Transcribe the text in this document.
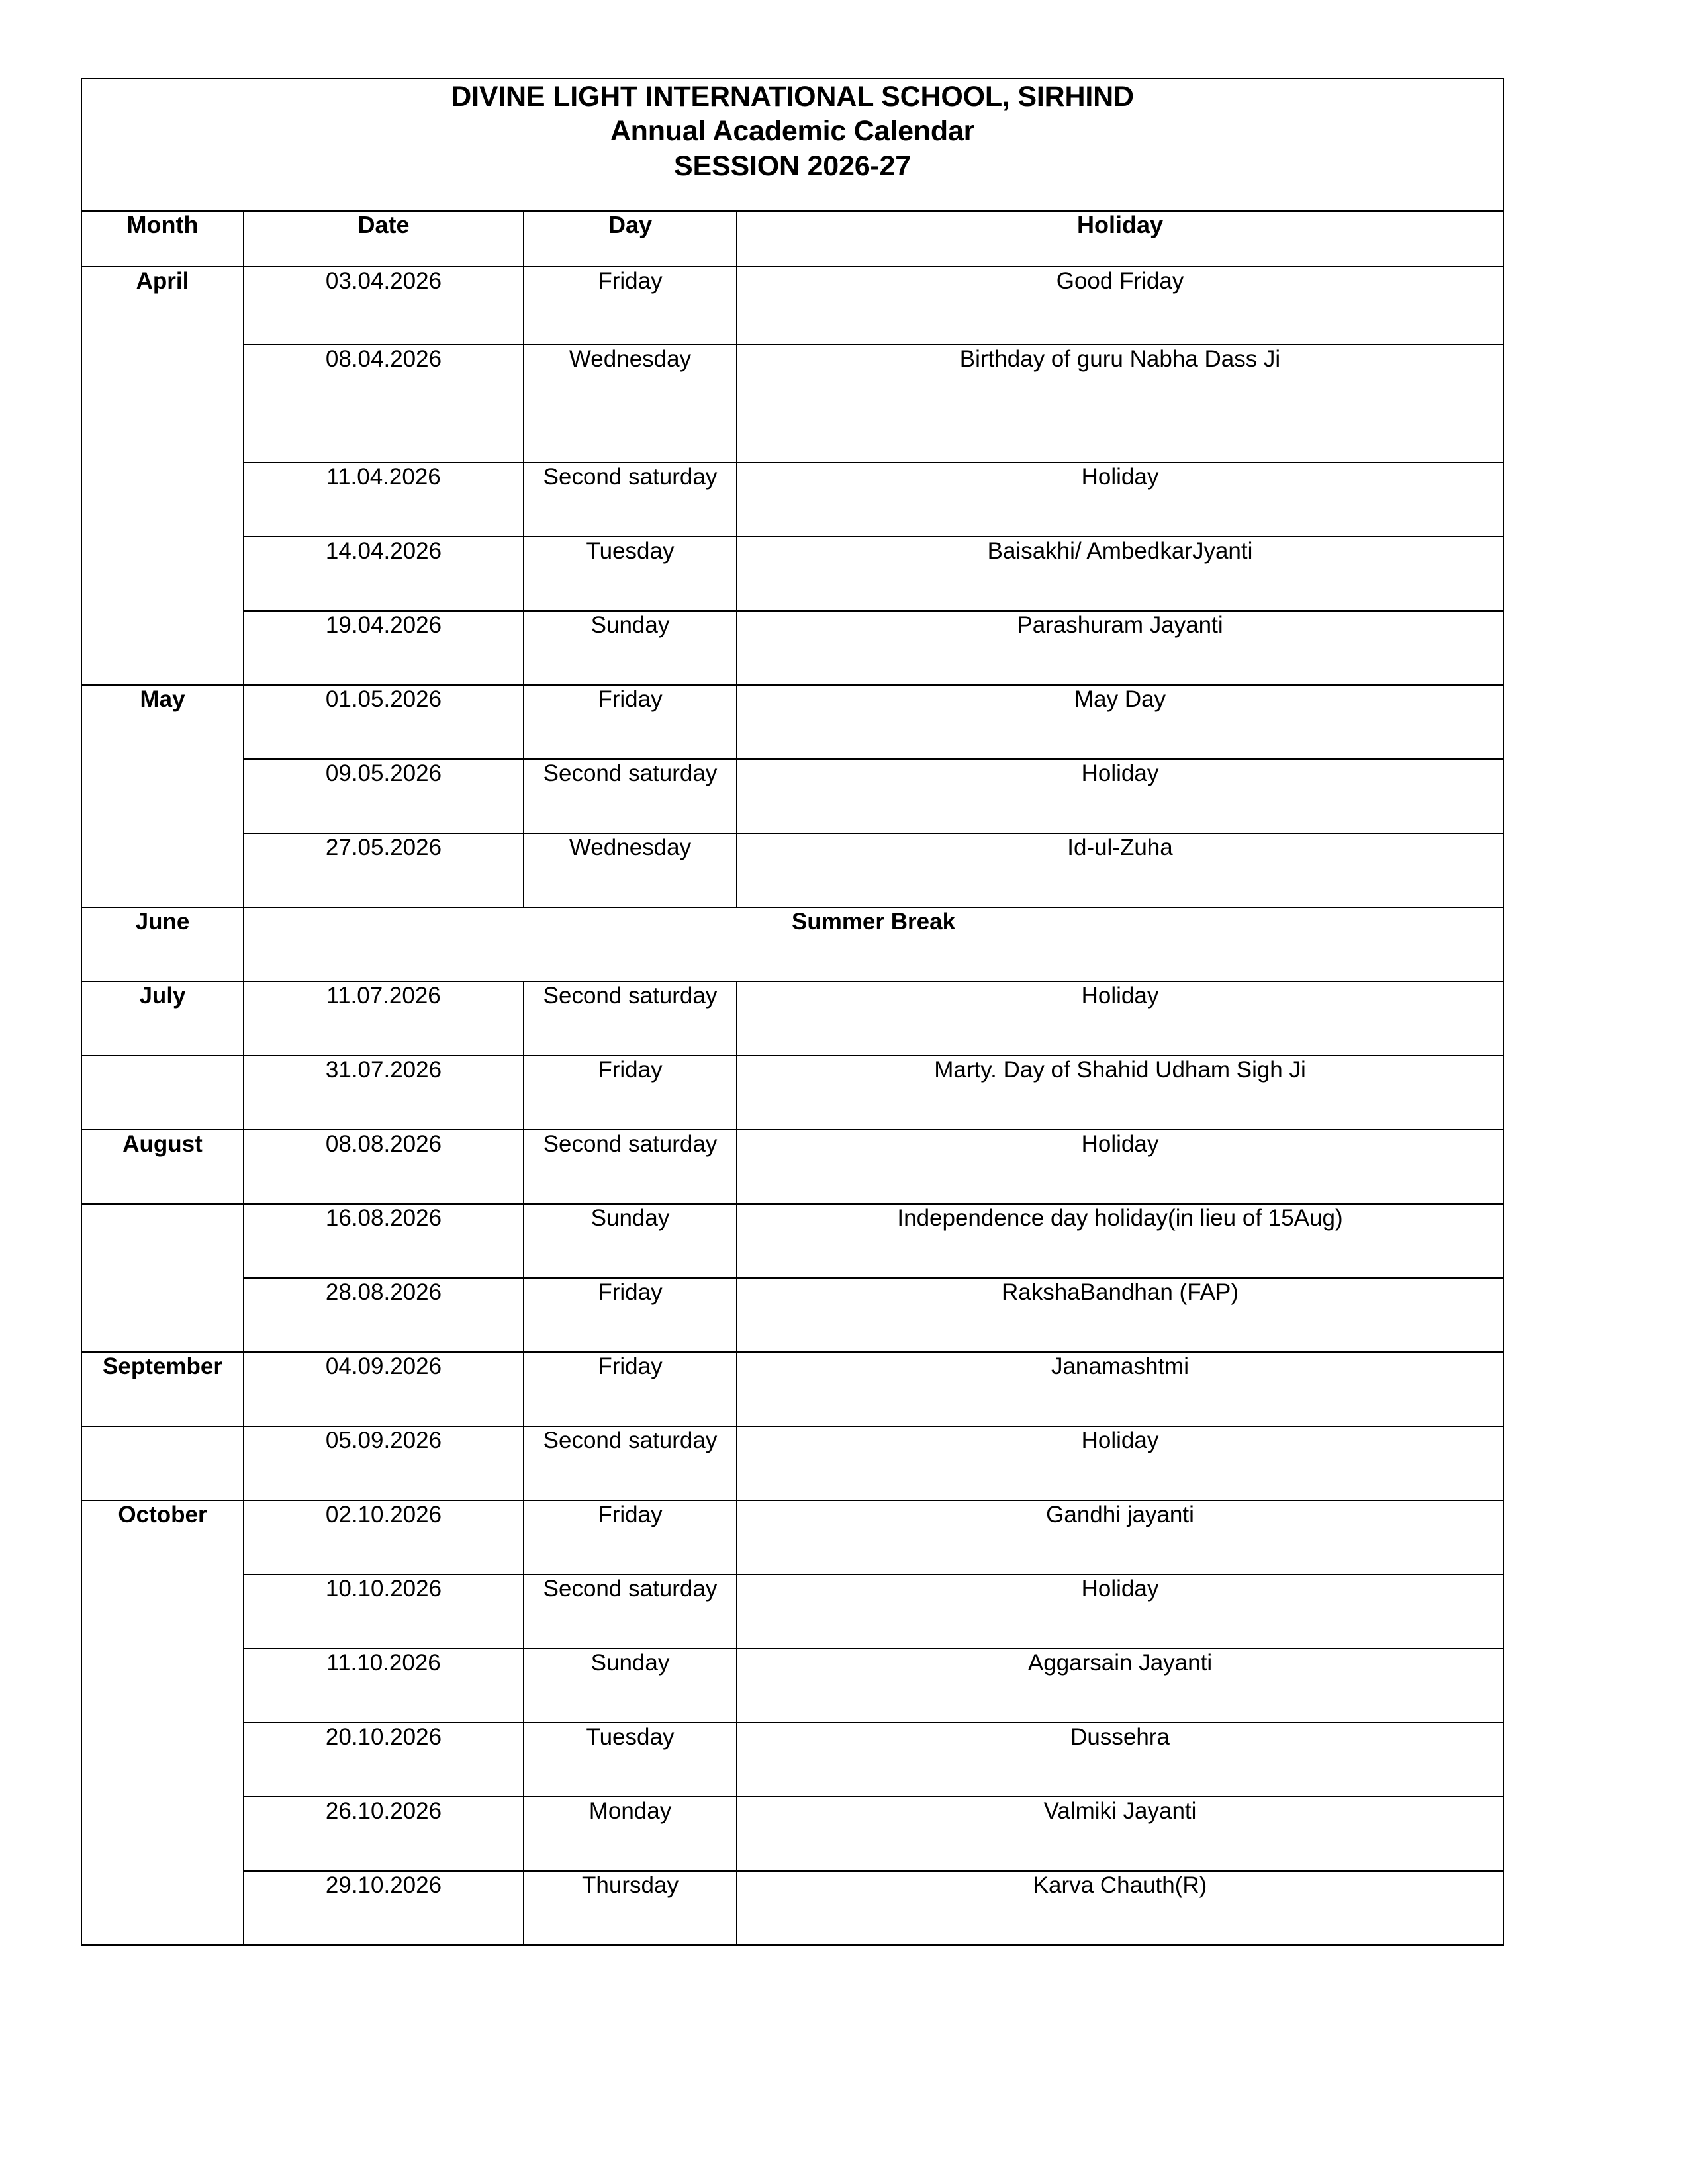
DIVINE LIGHT INTERNATIONAL SCHOOL, SIRHIND
Annual Academic Calendar
SESSION 2026-27			

Month	Date	Day	Holiday
April	03.04.2026	Friday	Good Friday
	08.04.2026	Wednesday	Birthday of guru Nabha Dass Ji
	11.04.2026	Second saturday	Holiday
	14.04.2026	Tuesday	Baisakhi/ AmbedkarJyanti
	19.04.2026	Sunday	Parashuram Jayanti
May	01.05.2026	Friday	May Day
	09.05.2026	Second saturday	Holiday
	27.05.2026	Wednesday	Id-ul-Zuha
June	Summer Break		
July	11.07.2026	Second saturday	Holiday
	31.07.2026	Friday	Marty. Day of Shahid Udham Sigh Ji
August	08.08.2026	Second saturday	Holiday
	16.08.2026	Sunday	Independence day holiday(in lieu of 15Aug)
	28.08.2026	Friday	RakshaBandhan (FAP)
September	04.09.2026	Friday	Janamashtmi
	05.09.2026	Second saturday	Holiday
October	02.10.2026	Friday	Gandhi jayanti
	10.10.2026	Second saturday	Holiday
	11.10.2026	Sunday	Aggarsain Jayanti
	20.10.2026	Tuesday	Dussehra
	26.10.2026	Monday	Valmiki Jayanti
	29.10.2026	Thursday	Karva Chauth(R)
